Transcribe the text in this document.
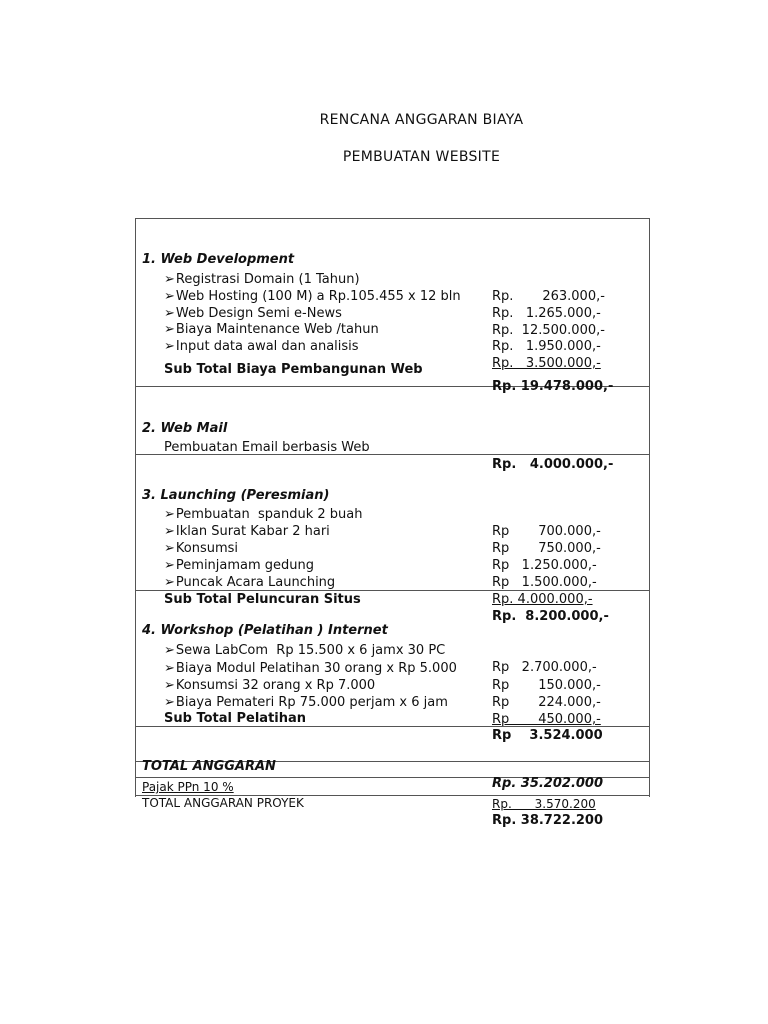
RENCANA ANGGARAN BIAYA
PEMBUATAN WEBSITE

1. Web Development

➢Registrasi Domain (1 Tahun)

Rp.       263.000,-

➢Web Hosting (100 M) a Rp.105.455 x 12 bln

Rp.   1.265.000,-

➢Web Design Semi e-News

Rp.  12.500.000,-

➢Biaya Maintenance Web /tahun

Rp.   1.950.000,-

➢Input data awal dan analisis

Rp.   3.500.000,-

Sub Total Biaya Pembangunan Web

Rp. 19.478.000,-

2. Web Mail

Pembuatan Email berbasis Web

Rp.   4.000.000,-

3. Launching (Peresmian)

➢Pembuatan  spanduk 2 buah

Rp       700.000,-

➢Iklan Surat Kabar 2 hari

Rp       750.000,-

➢Konsumsi

Rp   1.250.000,-

➢Peminjamam gedung

Rp   1.500.000,-

➢Puncak Acara Launching

Rp. 4.000.000,-

Sub Total Peluncuran Situs

Rp.  8.200.000,-

4. Workshop (Pelatihan ) Internet

➢Sewa LabCom  Rp 15.500 x 6 jamx 30 PC

Rp   2.700.000,-

➢Biaya Modul Pelatihan 30 orang x Rp 5.000

Rp       150.000,-

➢Konsumsi 32 orang x Rp 7.000

Rp       224.000,-

➢Biaya Pemateri Rp 75.000 perjam x 6 jam

Rp       450.000,-

Sub Total Pelatihan

Rp    3.524.000

TOTAL ANGGARAN

Rp. 35.202.000

Pajak PPn 10 %

Rp.      3.570.200

TOTAL ANGGARAN PROYEK

Rp. 38.722.200
